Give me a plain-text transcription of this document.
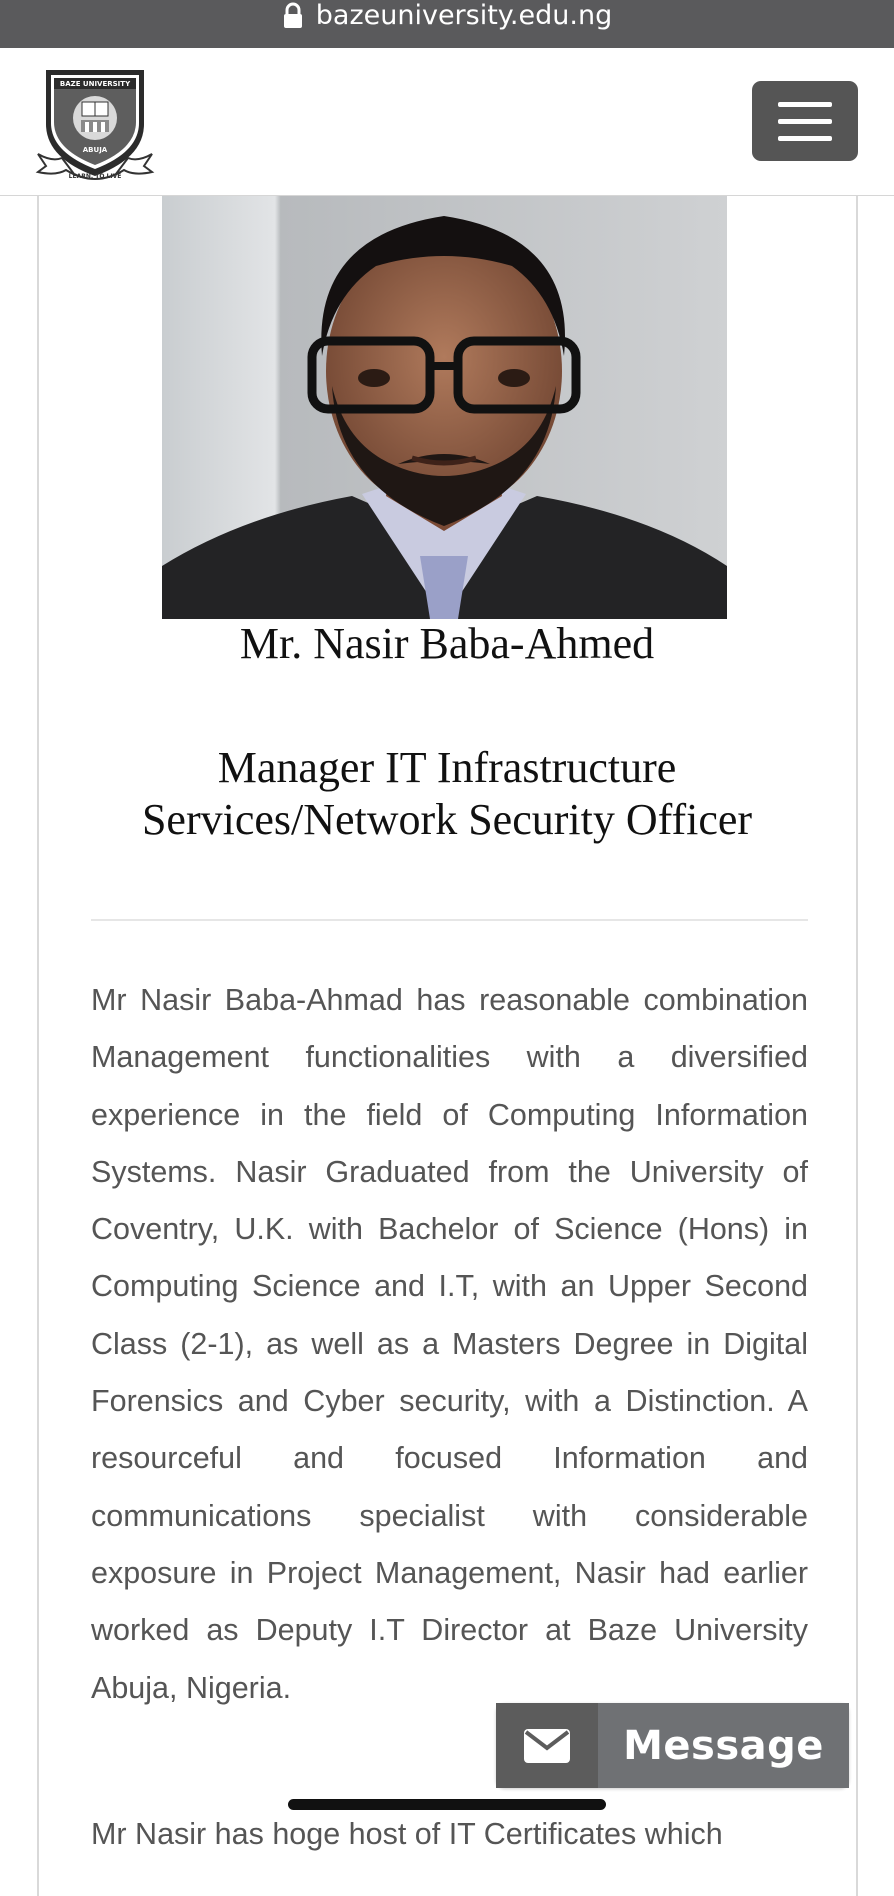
bazeuniversity.edu.ng
BAZE UNIVERSITY
ABUJA
LEARN, TO LIVE
Mr. Nasir Baba-Ahmed
Manager IT Infrastructure Services/Network Security Officer

Mr Nasir Baba-Ahmad has reasonable combination Management functionalities with a diversified experience in the field of Computing Information Systems. Nasir Graduated from the University of Coventry, U.K. with Bachelor of Science (Hons) in Computing Science and I.T, with an Upper Second Class (2-1), as well as a Masters Degree in Digital Forensics and Cyber security, with a Distinction. A resourceful and focused Information and communications specialist with considerable exposure in Project Management, Nasir had earlier worked as Deputy I.T Director at Baze University Abuja, Nigeria.

Mr Nasir has hoge host of IT Certificates which

Message
